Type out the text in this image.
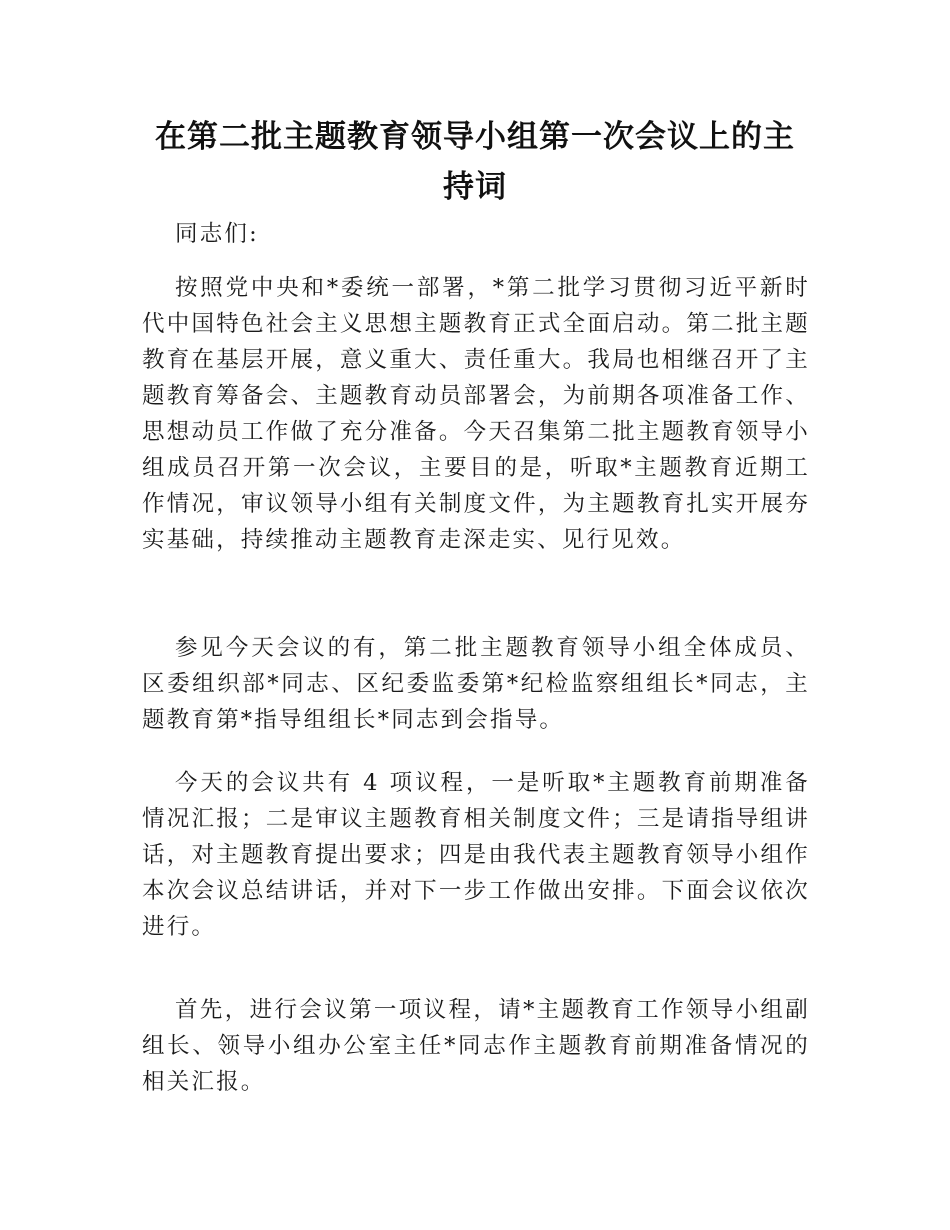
在第二批主题教育领导小组第一次会议上的主持词

同志们:

按照党中央和*委统一部署，*第二批学习贯彻习近平新时代中国特色社会主义思想主题教育正式全面启动。第二批主题教育在基层开展，意义重大、责任重大。我局也相继召开了主题教育筹备会、主题教育动员部署会，为前期各项准备工作、思想动员工作做了充分准备。今天召集第二批主题教育领导小组成员召开第一次会议，主要目的是，听取*主题教育近期工作情况，审议领导小组有关制度文件，为主题教育扎实开展夯实基础，持续推动主题教育走深走实、见行见效。

参见今天会议的有，第二批主题教育领导小组全体成员、区委组织部*同志、区纪委监委第*纪检监察组组长*同志，主题教育第*指导组组长*同志到会指导。

今天的会议共有 4 项议程，一是听取*主题教育前期准备情况汇报；二是审议主题教育相关制度文件；三是请指导组讲话，对主题教育提出要求；四是由我代表主题教育领导小组作本次会议总结讲话，并对下一步工作做出安排。下面会议依次进行。

首先，进行会议第一项议程，请*主题教育工作领导小组副组长、领导小组办公室主任*同志作主题教育前期准备情况的相关汇报。
